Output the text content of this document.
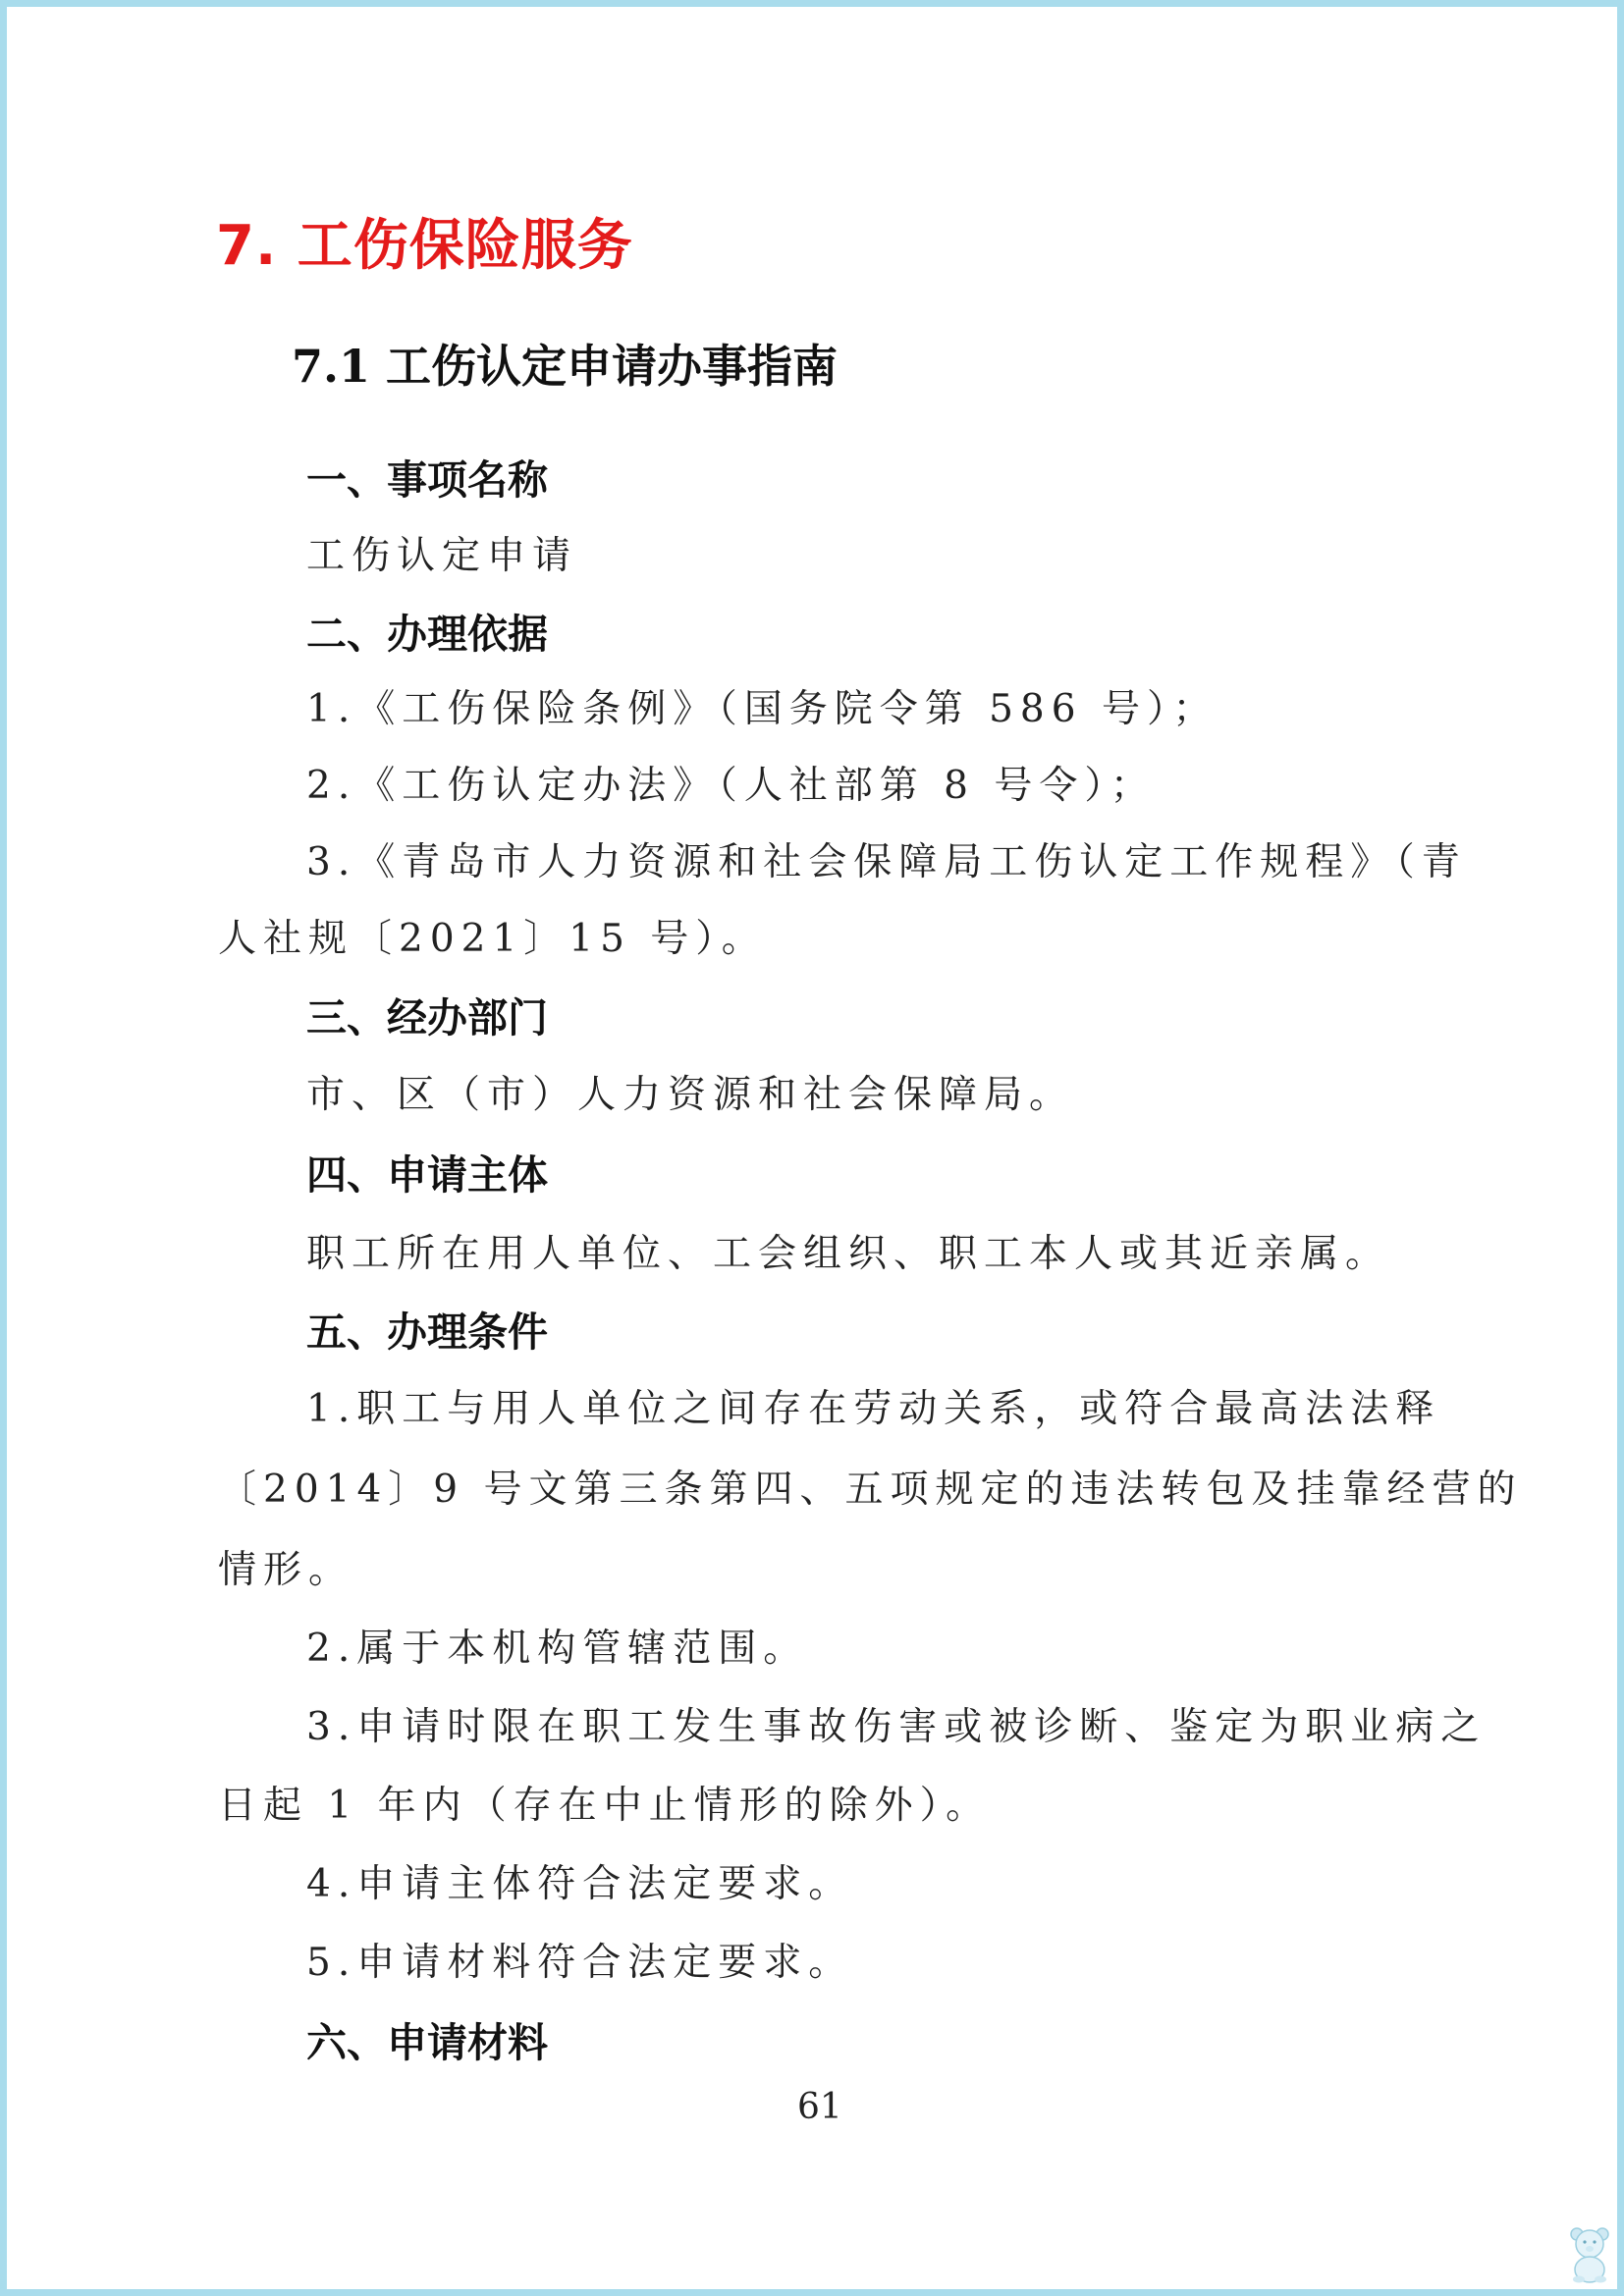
7. 工伤保险服务
7.1 工伤认定申请办事指南
一、事项名称
工伤认定申请
二、办理依据
1.《工伤保险条例》（国务院令第 586 号）；
2.《工伤认定办法》（人社部第 8 号令）；
3.《青岛市人力资源和社会保障局工伤认定工作规程》（青
人社规〔2021〕15 号）。
三、经办部门
市、区（市）人力资源和社会保障局。
四、申请主体
职工所在用人单位、工会组织、职工本人或其近亲属。
五、办理条件
1.职工与用人单位之间存在劳动关系，或符合最高法法释
〔2014〕9 号文第三条第四、五项规定的违法转包及挂靠经营的
情形。
2.属于本机构管辖范围。
3.申请时限在职工发生事故伤害或被诊断、鉴定为职业病之
日起 1 年内（存在中止情形的除外）。
4.申请主体符合法定要求。
5.申请材料符合法定要求。
六、申请材料
61
